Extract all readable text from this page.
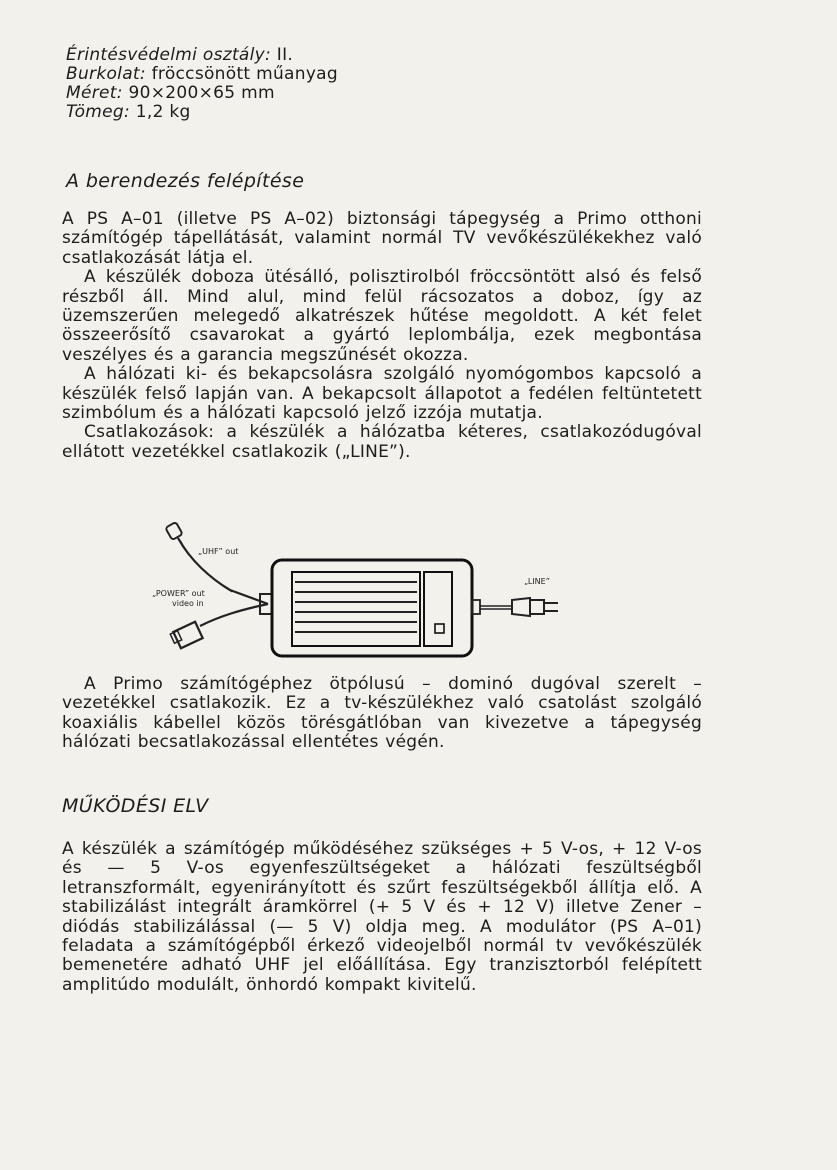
Érintésvédelmi osztály: II.

Burkolat: fröccsönött műanyag

Méret: 90×200×65 mm

Tömeg: 1,2 kg

A berendezés felépítése

A PS A–01 (illetve PS A–02) biztonsági tápegység a Primo otthoni számítógép tápellátását, valamint normál TV vevőkészülékekhez való csatlakozását látja el.

A készülék doboza ütésálló, polisztirolból fröccsöntött alsó és felső részből áll. Mind alul, mind felül rácsozatos a doboz, így az üzemszerűen melegedő alkatrészek hűtése megoldott. A két felet összeerősítő csavarokat a gyártó leplombálja, ezek megbontása veszélyes és a garancia megszűnését okozza.

A hálózati ki- és bekapcsolásra szolgáló nyomógombos kapcsoló a készülék felső lapján van. A bekapcsolt állapotot a fedélen feltüntetett szimbólum és a hálózati kapcsoló jelző izzója mutatja.

Csatlakozások: a készülék a hálózatba kéteres, csatlakozódugóval ellátott vezetékkel csatlakozik („LINE”).

„UHF” out
„POWER” out
video in
„LINE”

A Primo számítógéphez ötpólusú – dominó dugóval szerelt – vezetékkel csatlakozik. Ez a tv-készülékhez való csatolást szolgáló koaxiális kábellel közös törésgátlóban van kivezetve a tápegység hálózati becsatlakozással ellentétes végén.

MŰKÖDÉSI ELV

A készülék a számítógép működéséhez szükséges + 5 V-os, + 12 V-os és — 5 V-os egyenfeszültségeket a hálózati feszültségből letranszformált, egyenirányított és szűrt feszültségekből állítja elő. A stabilizálást integrált áramkörrel (+ 5 V és + 12 V) illetve Zener – diódás stabilizálással (— 5 V) oldja meg. A modulátor (PS A–01) feladata a számítógépből érkező videojelből normál tv vevőkészülék bemenetére adható UHF jel előállítása. Egy tranzisztorból felépített amplitúdo modulált, önhordó kompakt kivitelű.
